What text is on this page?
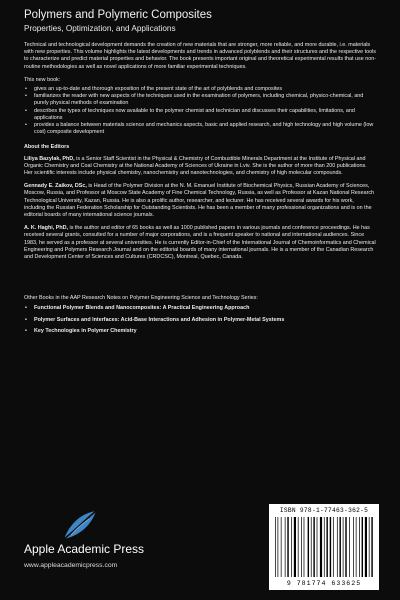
Polymers and Polymeric Composites
Properties, Optimization, and Applications

Technical and technological development demands the creation of new materials that are stronger, more reliable, and more durable, i.e. materials with new properties. This volume highlights the latest developments and trends in advanced polyblends and their structures and the respective tools to characterize and predict material properties and behavior. The book presents important original and theoretical experimental results that use non-routine methodologies as well as novel applications of more familiar experimental techniques.

This new book:

• gives an up-to-date and thorough exposition of the present state of the art of polyblends and composites
• familiarizes the reader with new aspects of the techniques used in the examination of polymers, including chemical, physico-chemical, and purely physical methods of examination
• describes the types of techniques now available to the polymer chemist and technician and discusses their capabilities, limitations, and applications
• provides a balance between materials science and mechanics aspects, basic and applied research, and high technology and high volume (low cost) composite development

About the Editors

Liliya Bazylak, PhD, is a Senior Staff Scientist in the Physical & Chemistry of Combustible Minerals Department at the Institute of Physical and Organic Chemistry and Coal Chemistry at the National Academy of Sciences of Ukraine in Lviv. She is the author of more than 200 publications. Her scientific interests include physical chemistry, nanochemistry and nanotechnologies, and chemistry of high molecular compounds.

Gennady E. Zaikov, DSc, is Head of the Polymer Division at the N. M. Emanuel Institute of Biochemical Physics, Russian Academy of Sciences, Moscow, Russia, and Professor at Moscow State Academy of Fine Chemical Technology, Russia, as well as Professor at Kazan National Research Technological University, Kazan, Russia. He is also a prolific author, researcher, and lecturer. He has received several awards for his work, including the Russian Federation Scholarship for Outstanding Scientists. He has been a member of many professional organizations and is on the editorial boards of many international science journals.

A. K. Haghi, PhD, is the author and editor of 65 books as well as 1000 published papers in various journals and conference proceedings. He has received several grants, consulted for a number of major corporations, and is a frequent speaker to national and international audiences. Since 1983, he served as a professor at several universities. He is currently Editor-in-Chief of the International Journal of Chemoinformatics and Chemical Engineering and Polymers Research Journal and on the editorial boards of many international journals. He is a member of the Canadian Research and Development Center of Sciences and Cultures (CRDCSC), Montreal, Quebec, Canada.

Other Books in the AAP Research Notes on Polymer Engineering Science and Technology Series:

• Functional Polymer Blends and Nanocomposites: A Practical Engineering Approach
• Polymer Surfaces and Interfaces: Acid-Base Interactions and Adhesion in Polymer-Metal Systems
• Key Technologies in Polymer Chemistry
Apple Academic Press
www.appleacademicpress.com
ISBN 978-1-77463-362-5
9 781774 633625
